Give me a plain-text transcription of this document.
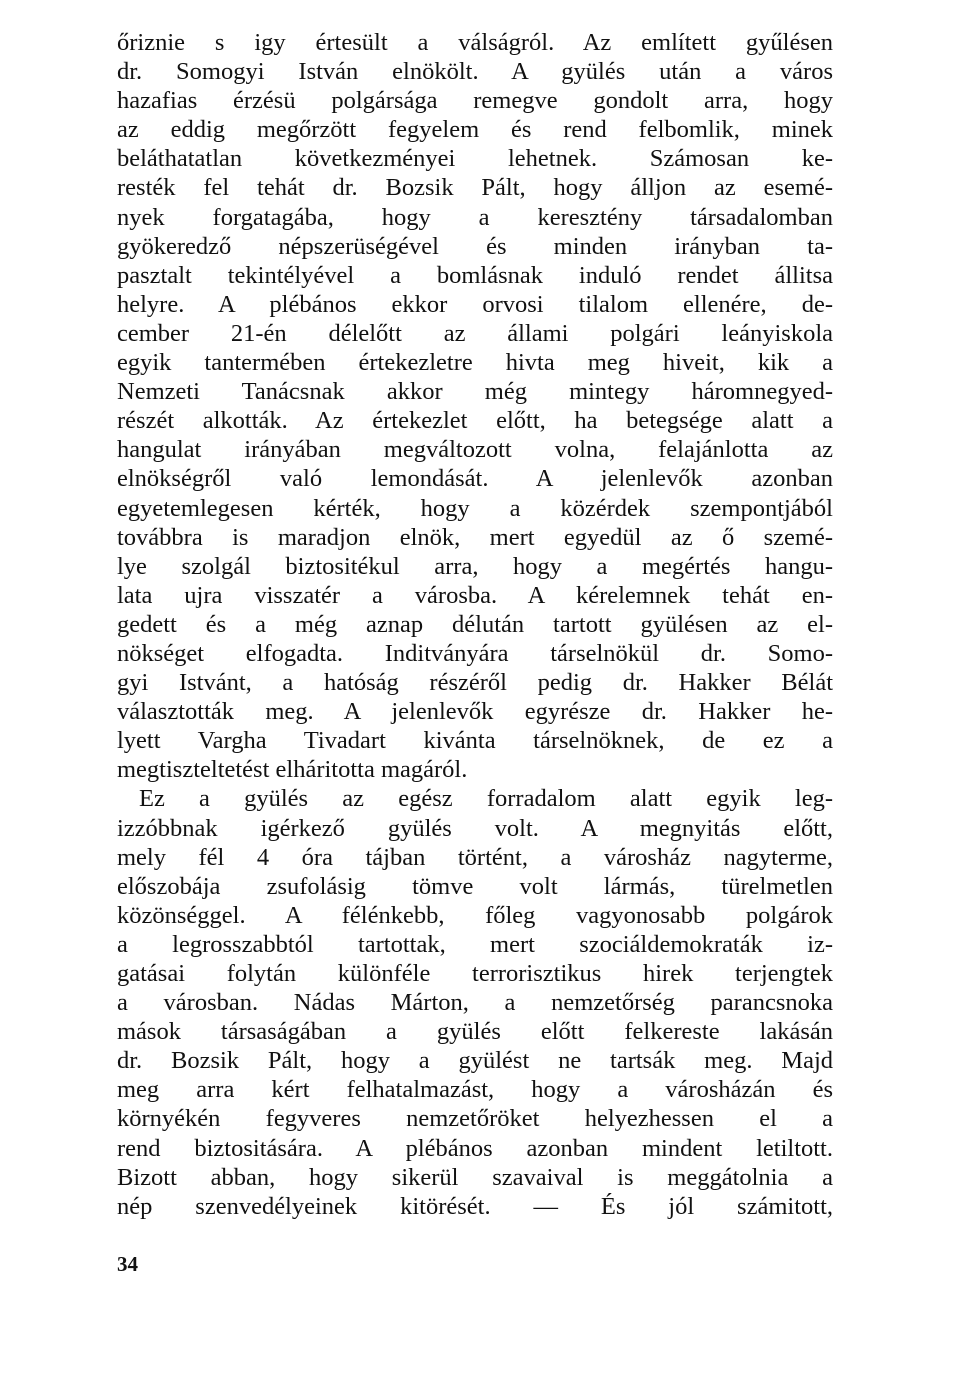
őriznie s igy értesült a válságról. Az említett gyűlésen
dr. Somogyi István elnökölt. A gyülés után a város
hazafias érzésü polgársága remegve gondolt arra, hogy
az eddig megőrzött fegyelem és rend felbomlik, minek
beláthatatlan következményei lehetnek. Számosan ke-
resték fel tehát dr. Bozsik Pált, hogy álljon az esemé-
nyek forgatagába, hogy a keresztény társadalomban
gyökeredző népszerüségével és minden irányban ta-
pasztalt tekintélyével a bomlásnak induló rendet állitsa
helyre. A plébános ekkor orvosi tilalom ellenére, de-
cember 21-én délelőtt az állami polgári leányiskola
egyik tantermében értekezletre hivta meg hiveit, kik a
Nemzeti Tanácsnak akkor még mintegy háromnegyed-
részét alkották. Az értekezlet előtt, ha betegsége alatt a
hangulat irányában megváltozott volna, felajánlotta az
elnökségről való lemondását. A jelenlevők azonban
egyetemlegesen kérték, hogy a közérdek szempontjából
továbbra is maradjon elnök, mert egyedül az ő szemé-
lye szolgál biztositékul arra, hogy a megértés hangu-
lata ujra visszatér a városba. A kérelemnek tehát en-
gedett és a még aznap délután tartott gyülésen az el-
nökséget elfogadta. Inditványára társelnökül dr. Somo-
gyi Istvánt, a hatóság részéről pedig dr. Hakker Bélát
választották meg. A jelenlevők egyrésze dr. Hakker he-
lyett Vargha Tivadart kivánta társelnöknek, de ez a
megtiszteltetést elháritotta magáról.
Ez a gyülés az egész forradalom alatt egyik leg-
izzóbbnak igérkező gyülés volt. A megnyitás előtt,
mely fél 4 óra tájban történt, a városház nagyterme,
előszobája zsufolásig tömve volt lármás, türelmetlen
közönséggel. A félénkebb, főleg vagyonosabb polgárok
a legrosszabbtól tartottak, mert szociáldemokraták iz-
gatásai folytán különféle terrorisztikus hirek terjengtek
a városban. Nádas Márton, a nemzetőrség parancsnoka
mások társaságában a gyülés előtt felkereste lakásán
dr. Bozsik Pált, hogy a gyülést ne tartsák meg. Majd
meg arra kért felhatalmazást, hogy a városházán és
környékén fegyveres nemzetőröket helyezhessen el a
rend biztositására. A plébános azonban mindent letiltott.
Bizott abban, hogy sikerül szavaival is meggátolnia a
nép szenvedélyeinek kitörését. — És jól számitott,
34
